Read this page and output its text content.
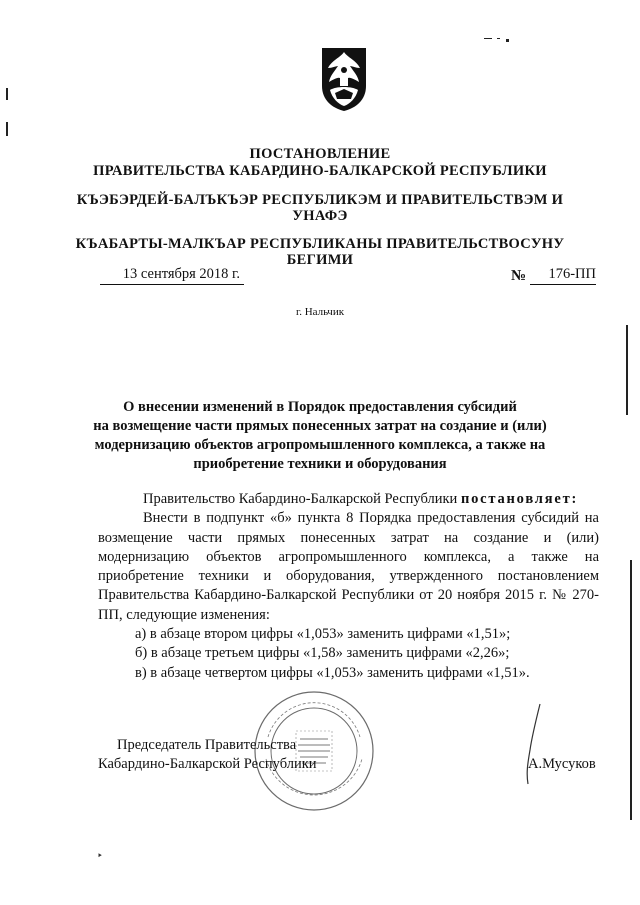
ПОСТАНОВЛЕНИЕ
ПРАВИТЕЛЬСТВА КАБАРДИНО-БАЛКАРСКОЙ РЕСПУБЛИКИ
КЪЭБЭРДЕЙ-БАЛЪКЪЭР РЕСПУБЛИКЭМ И ПРАВИТЕЛЬСТВЭМ И
УНАФЭ
КЪАБАРТЫ-МАЛКЪАР РЕСПУБЛИКАНЫ ПРАВИТЕЛЬСТВОСУНУ
БЕГИМИ
13 сентября 2018 г.	№	176-ПП
г. Нальчик
О внесении изменений в Порядок предоставления субсидий
на возмещение части прямых понесенных затрат на создание и (или)
модернизацию объектов агропромышленного комплекса, а также на
приобретение техники и оборудования

Правительство Кабардино-Балкарской Республики постановляет:

Внести в подпункт «б» пункта 8 Порядка предоставления субсидий на возмещение части прямых понесенных затрат на создание и (или) модернизацию объектов агропромышленного комплекса, а также на приобретение техники и оборудования, утвержденного постановлением Правительства Кабардино-Балкарской Республики от 20 ноября 2015 г. № 270-ПП, следующие изменения:

а) в абзаце втором цифры «1,053» заменить цифрами «1,51»;

б) в абзаце третьем цифры «1,58» заменить цифрами «2,26»;

в) в абзаце четвертом цифры «1,053» заменить цифрами «1,51».

Председатель Правительства
Кабардино-Балкарской Республики	А.Мусуков
‣
